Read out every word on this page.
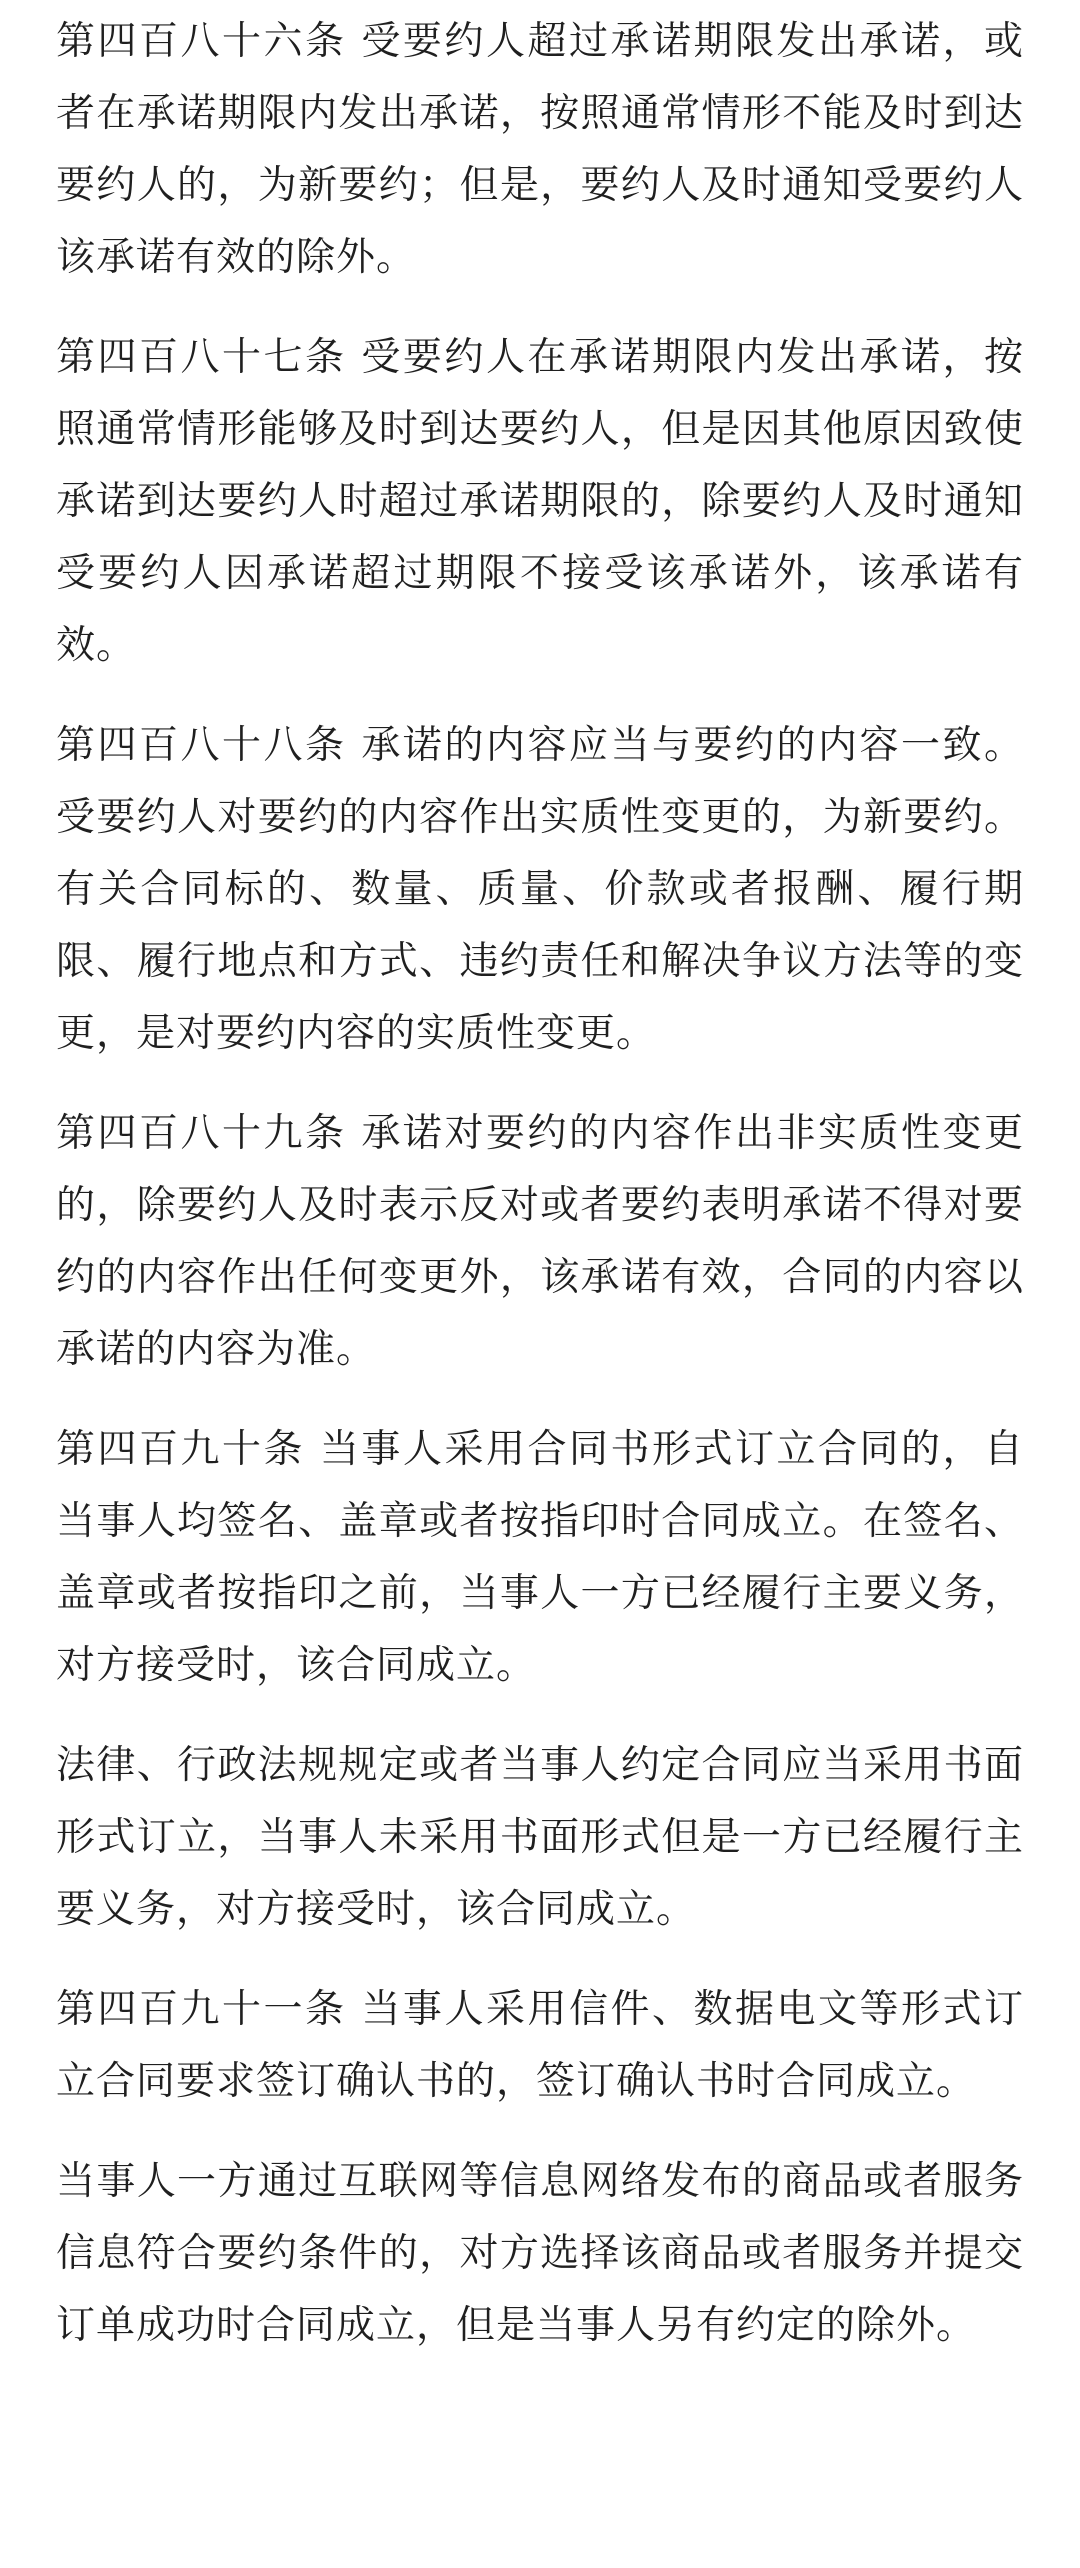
第四百八十六条 受要约人超过承诺期限发出承诺，或者在承诺期限内发出承诺，按照通常情形不能及时到达要约人的，为新要约；但是，要约人及时通知受要约人该承诺有效的除外。

第四百八十七条 受要约人在承诺期限内发出承诺，按照通常情形能够及时到达要约人，但是因其他原因致使承诺到达要约人时超过承诺期限的，除要约人及时通知受要约人因承诺超过期限不接受该承诺外，该承诺有效。

第四百八十八条 承诺的内容应当与要约的内容一致。受要约人对要约的内容作出实质性变更的，为新要约。有关合同标的、数量、质量、价款或者报酬、履行期限、履行地点和方式、违约责任和解决争议方法等的变更，是对要约内容的实质性变更。

第四百八十九条 承诺对要约的内容作出非实质性变更的，除要约人及时表示反对或者要约表明承诺不得对要约的内容作出任何变更外，该承诺有效，合同的内容以承诺的内容为准。

第四百九十条 当事人采用合同书形式订立合同的，自当事人均签名、盖章或者按指印时合同成立。在签名、盖章或者按指印之前，当事人一方已经履行主要义务，对方接受时，该合同成立。

法律、行政法规规定或者当事人约定合同应当采用书面形式订立，当事人未采用书面形式但是一方已经履行主要义务，对方接受时，该合同成立。

第四百九十一条 当事人采用信件、数据电文等形式订立合同要求签订确认书的，签订确认书时合同成立。

当事人一方通过互联网等信息网络发布的商品或者服务信息符合要约条件的，对方选择该商品或者服务并提交订单成功时合同成立，但是当事人另有约定的除外。
